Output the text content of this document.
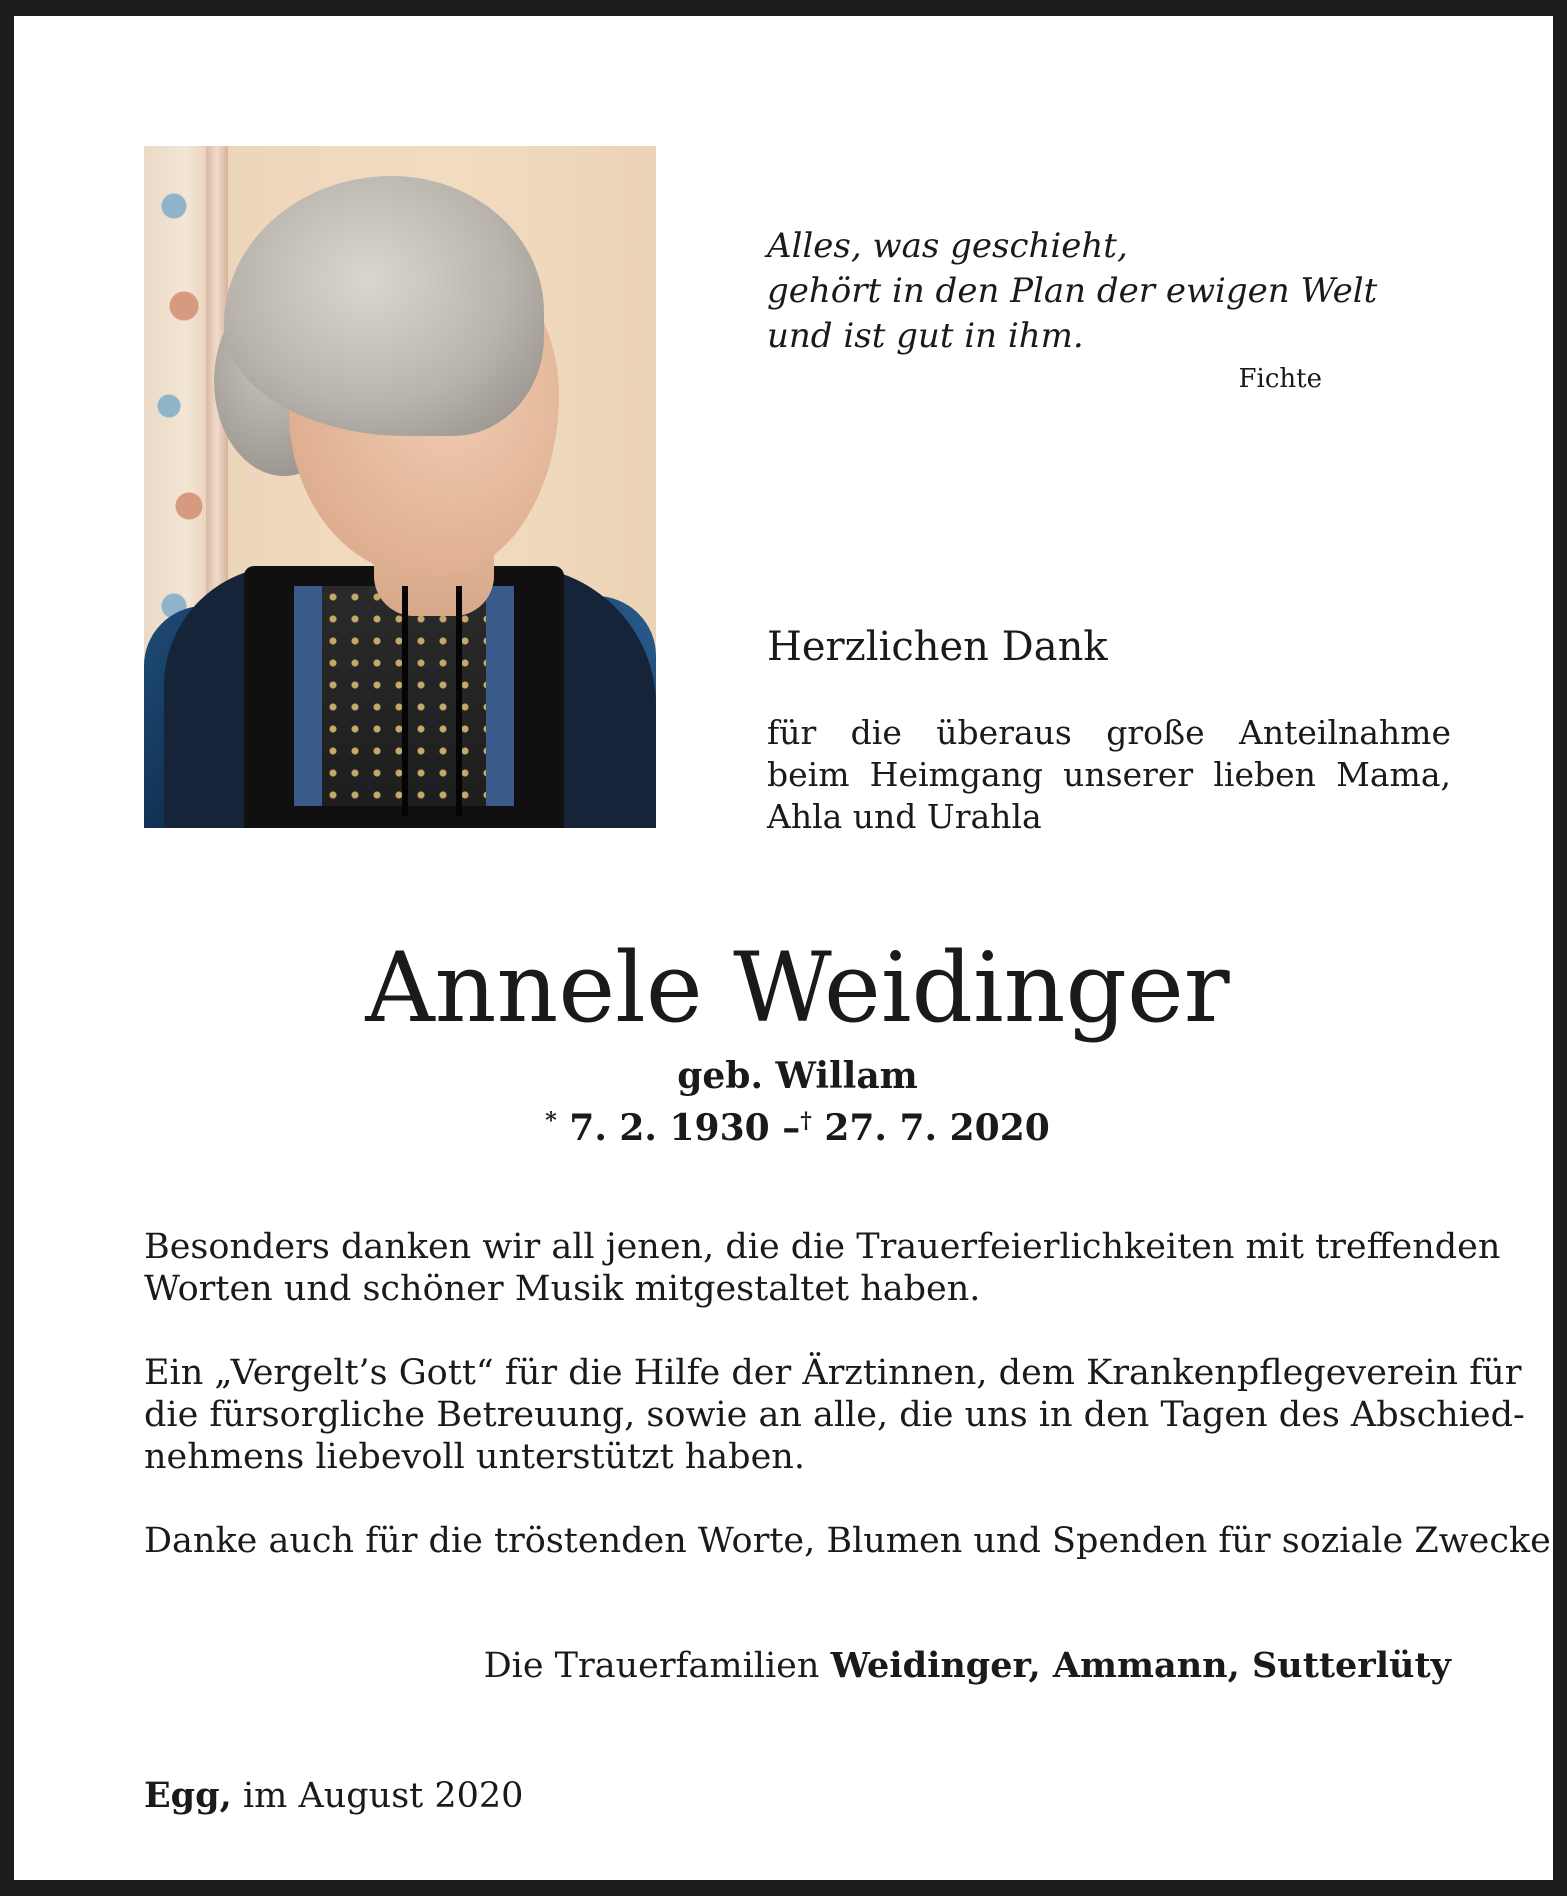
Alles, was geschieht,
gehört in den Plan der ewigen Welt
und ist gut in ihm.
Fichte
Herzlichen Dank
für die überaus große Anteilnahme
beim Heimgang unserer lieben Mama,
Ahla und Urahla
Annele Weidinger
geb. Willam
* 7. 2. 1930 –† 27. 7. 2020
Besonders danken wir all jenen, die die Trauerfeierlichkeiten mit treffenden
Worten und schöner Musik mitgestaltet haben.
Ein „Vergelt’s Gott“ für die Hilfe der Ärztinnen, dem Krankenpflegeverein für
die fürsorgliche Betreuung, sowie an alle, die uns in den Tagen des Abschied-
nehmens liebevoll unterstützt haben.
Danke auch für die tröstenden Worte, Blumen und Spenden für soziale Zwecke.
Die Trauerfamilien Weidinger, Ammann, Sutterlüty
Egg, im August 2020
